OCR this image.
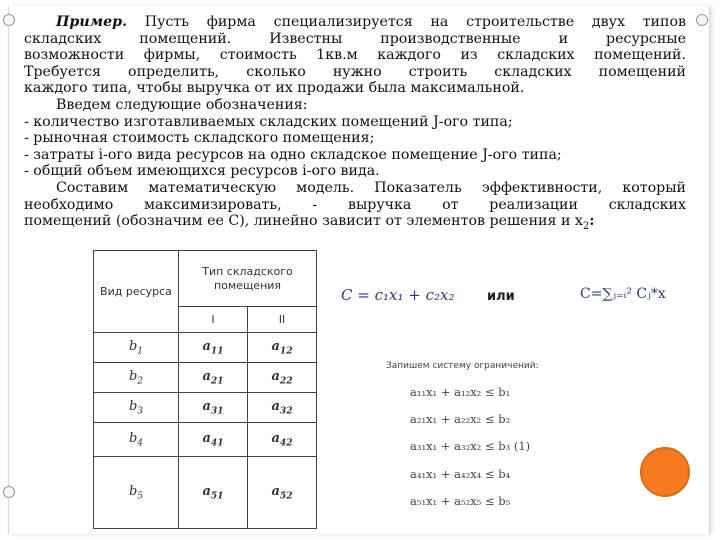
Пример. Пусть фирма специализируется на строительстве двух типов

складских помещений. Известны производственные и ресурсные

возможности фирмы, стоимость 1кв.м каждого из складских помещений.

Требуется определить, сколько нужно строить складских помещений

каждого типа, чтобы выручка от их продажи была максимальной.

Введем следующие обозначения:

- количество изготавливаемых складских помещений J-ого типа;

- рыночная стоимость складского помещения;

- затраты i-ого вида ресурсов на одно складское помещение J-ого типа;

- общий объем имеющихся ресурсов i-ого вида.

Составим математическую модель. Показатель эффективности, который

необходимо максимизировать, - выручка от реализации складских

помещений (обозначим ее С), линейно зависит от элементов решения и $x_2$:

Вид ресурса	Тип складского помещения	
	I	II
$b_1$	$a_{11}$	$a_{12}$
$b_2$	$a_{21}$	$a_{22}$
$b_3$	$a_{31}$	$a_{32}$
$b_4$	$a_{41}$	$a_{42}$
$b_5$	$a_{51}$	$a_{52}$
C = c₁x₁ + c₂x₂	или	C=∑ⱼ₌ᵢ² Cⱼ*x
Запишем систему ограничений:
a₁₁x₁ + a₁₂x₂ ≤ b₁
a₂₁x₁ + a₂₂x₂ ≤ b₂
a₃₁x₁ + a₃₂x₂ ≤ b₃ (1)
a₄₁x₁ + a₄₂x₄ ≤ b₄
a₅₁x₁ + a₅₂x₅ ≤ b₅
